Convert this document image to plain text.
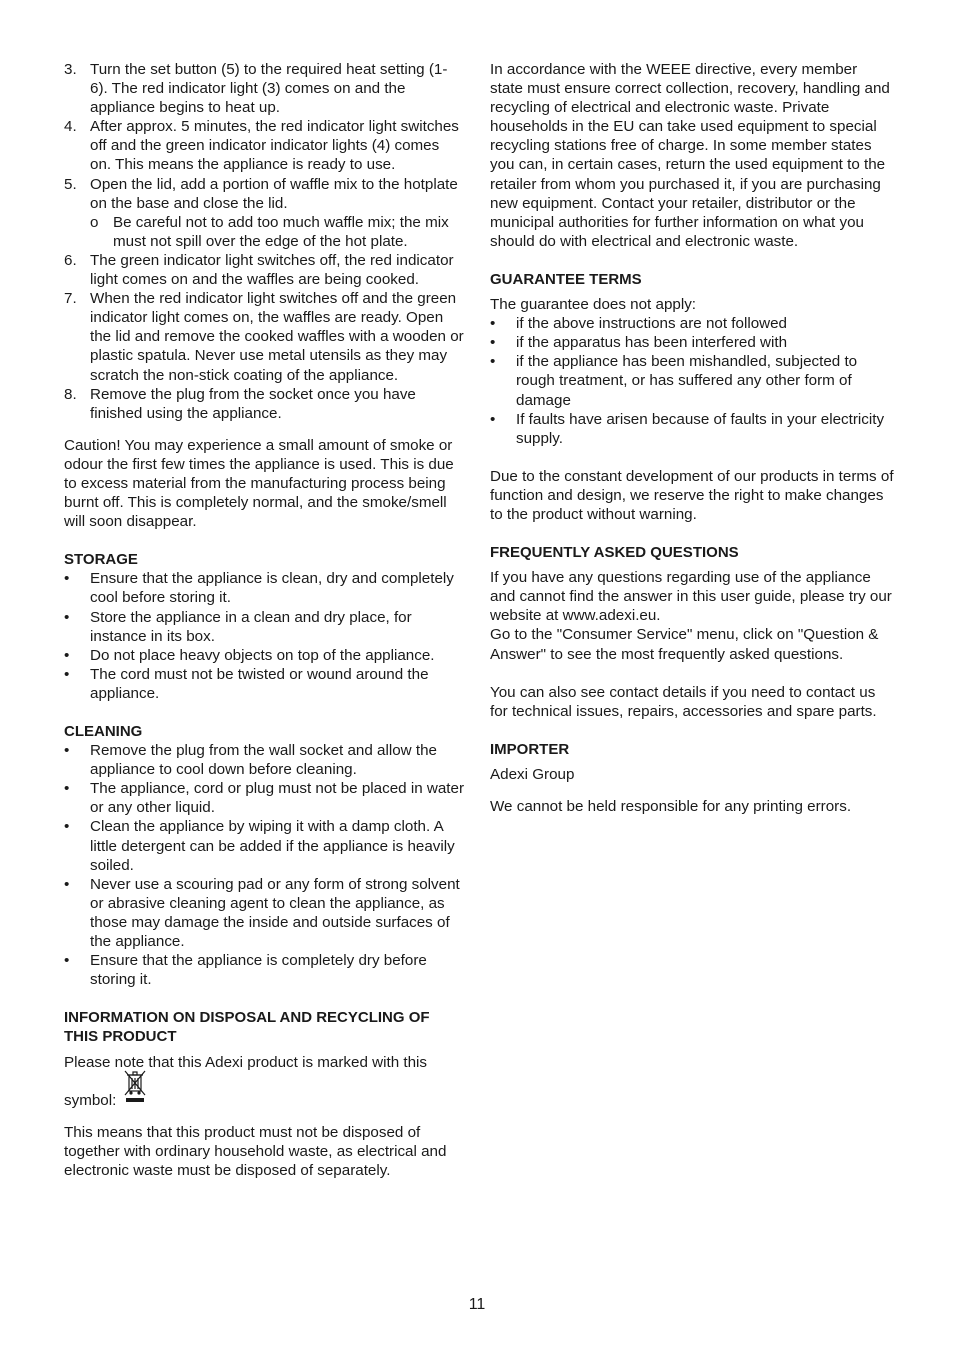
3. Turn the set button (5) to the required heat setting (1-6). The red indicator light (3) comes on and the appliance begins to heat up.
4. After approx. 5 minutes, the red indicator light switches off and the green indicator indicator lights (4) comes on. This means the appliance is ready to use.
5. Open the lid, add a portion of waffle mix to the hotplate on the base and close the lid.
o Be careful not to add too much waffle mix; the mix must not spill over the edge of the hot plate.
6. The green indicator light switches off, the red indicator light comes on and the waffles are being cooked.
7. When the red indicator light switches off and the green indicator light comes on, the waffles are ready. Open the lid and remove the cooked waffles with a wooden or plastic spatula. Never use metal utensils as they may scratch the non-stick coating of the appliance.
8. Remove the plug from the socket once you have finished using the appliance.

Caution! You may experience a small amount of smoke or odour the first few times the appliance is used. This is due to excess material from the manufacturing process being burnt off. This is completely normal, and the smoke/smell will soon disappear.

STORAGE
• Ensure that the appliance is clean, dry and completely cool before storing it.
• Store the appliance in a clean and dry place, for instance in its box.
• Do not place heavy objects on top of the appliance.
• The cord must not be twisted or wound around the appliance.
CLEANING
• Remove the plug from the wall socket and allow the appliance to cool down before cleaning.
• The appliance, cord or plug must not be placed in water or any other liquid.
• Clean the appliance by wiping it with a damp cloth. A little detergent can be added if the appliance is heavily soiled.
• Never use a scouring pad or any form of strong solvent or abrasive cleaning agent to clean the appliance, as those may damage the inside and outside surfaces of the appliance.
• Ensure that the appliance is completely dry before storing it.
INFORMATION ON DISPOSAL AND RECYCLING OF THIS PRODUCT

Please note that this Adexi product is marked with this

symbol:

This means that this product must not be disposed of together with ordinary household waste, as electrical and electronic waste must be disposed of separately.

In accordance with the WEEE directive, every member state must ensure correct collection, recovery, handling and recycling of electrical and electronic waste. Private households in the EU can take used equipment to special recycling stations free of charge. In some member states you can, in certain cases, return the used equipment to the retailer from whom you purchased it, if you are purchasing new equipment. Contact your retailer, distributor or the municipal authorities for further information on what you should do with electrical and electronic waste.

GUARANTEE TERMS

The guarantee does not apply:

• if the above instructions are not followed
• if the apparatus has been interfered with
• if the appliance has been mishandled, subjected to rough treatment, or has suffered any other form of damage
• If faults have arisen because of faults in your electricity supply.

Due to the constant development of our products in terms of function and design, we reserve the right to make changes to the product without warning.

FREQUENTLY ASKED QUESTIONS

If you have any questions regarding use of the appliance and cannot find the answer in this user guide, please try our website at www.adexi.eu.

Go to the "Consumer Service" menu, click on "Question & Answer" to see the most frequently asked questions.

You can also see contact details if you need to contact us for technical issues, repairs, accessories and spare parts.

IMPORTER

Adexi Group

We cannot be held responsible for any printing errors.

11
